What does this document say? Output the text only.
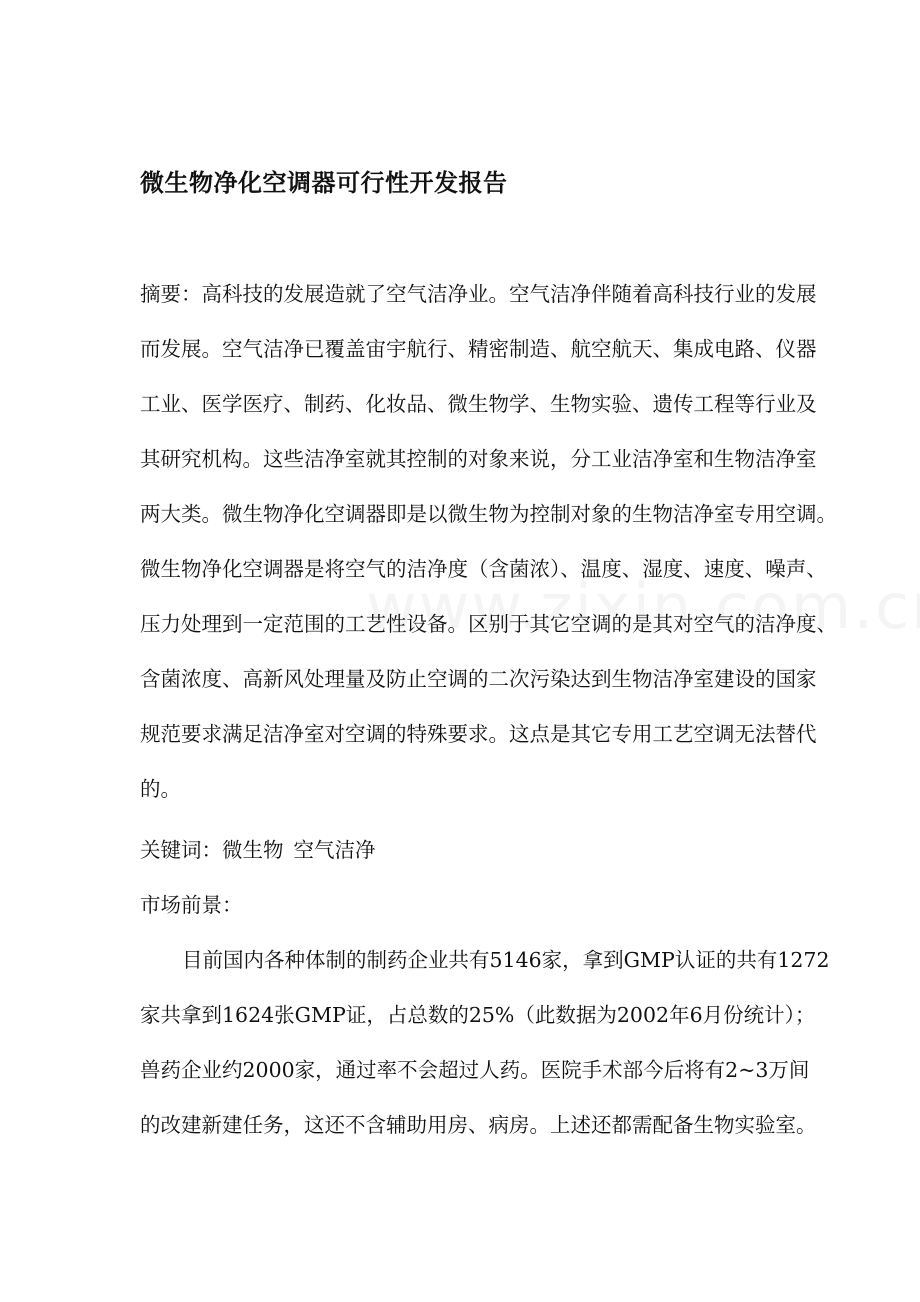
微生物净化空调器可行性开发报告
摘要：高科技的发展造就了空气洁净业。空气洁净伴随着高科技行业的发展
而发展。空气洁净已覆盖宙宇航行、精密制造、航空航天、集成电路、仪器
工业、医学医疗、制药、化妆品、微生物学、生物实验、遗传工程等行业及
其研究机构。这些洁净室就其控制的对象来说，分工业洁净室和生物洁净室
两大类。微生物净化空调器即是以微生物为控制对象的生物洁净室专用空调。
微生物净化空调器是将空气的洁净度（含菌浓）、温度、湿度、速度、噪声、
压力处理到一定范围的工艺性设备。区别于其它空调的是其对空气的洁净度、
含菌浓度、高新风处理量及防止空调的二次污染达到生物洁净室建设的国家
规范要求满足洁净室对空调的特殊要求。这点是其它专用工艺空调无法替代
的。
关键词：微生物 空气洁净
市场前景：
目前国内各种体制的制药企业共有5146家，拿到GMP认证的共有1272
家共拿到1624张GMP证，占总数的25%（此数据为2002年6月份统计）；
兽药企业约2000家，通过率不会超过人药。医院手术部今后将有2~3万间
的改建新建任务，这还不含辅助用房、病房。上述还都需配备生物实验室。
